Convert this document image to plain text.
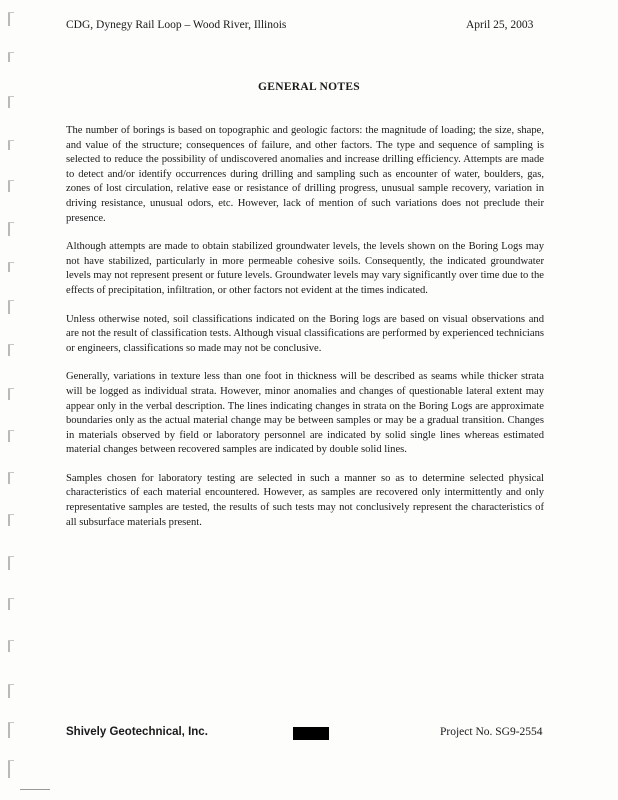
CDG, Dynegy Rail Loop – Wood River, Illinois	April 25, 2003
GENERAL NOTES

The number of borings is based on topographic and geologic factors: the magnitude of loading; the size, shape, and value of the structure; consequences of failure, and other factors. The type and sequence of sampling is selected to reduce the possibility of undiscovered anomalies and increase drilling efficiency. Attempts are made to detect and/or identify occurrences during drilling and sampling such as encounter of water, boulders, gas, zones of lost circulation, relative ease or resistance of drilling progress, unusual sample recovery, variation in driving resistance, unusual odors, etc. However, lack of mention of such variations does not preclude their presence.

Although attempts are made to obtain stabilized groundwater levels, the levels shown on the Boring Logs may not have stabilized, particularly in more permeable cohesive soils. Consequently, the indicated groundwater levels may not represent present or future levels. Groundwater levels may vary significantly over time due to the effects of precipitation, infiltration, or other factors not evident at the times indicated.

Unless otherwise noted, soil classifications indicated on the Boring logs are based on visual observations and are not the result of classification tests. Although visual classifications are performed by experienced technicians or engineers, classifications so made may not be conclusive.

Generally, variations in texture less than one foot in thickness will be described as seams while thicker strata will be logged as individual strata. However, minor anomalies and changes of questionable lateral extent may appear only in the verbal description. The lines indicating changes in strata on the Boring Logs are approximate boundaries only as the actual material change may be between samples or may be a gradual transition. Changes in materials observed by field or laboratory personnel are indicated by solid single lines whereas estimated material changes between recovered samples are indicated by double solid lines.

Samples chosen for laboratory testing are selected in such a manner so as to determine selected physical characteristics of each material encountered. However, as samples are recovered only intermittently and only representative samples are tested, the results of such tests may not conclusively represent the characteristics of all subsurface materials present.

Shively Geotechnical, Inc.	Project No. SG9-2554
